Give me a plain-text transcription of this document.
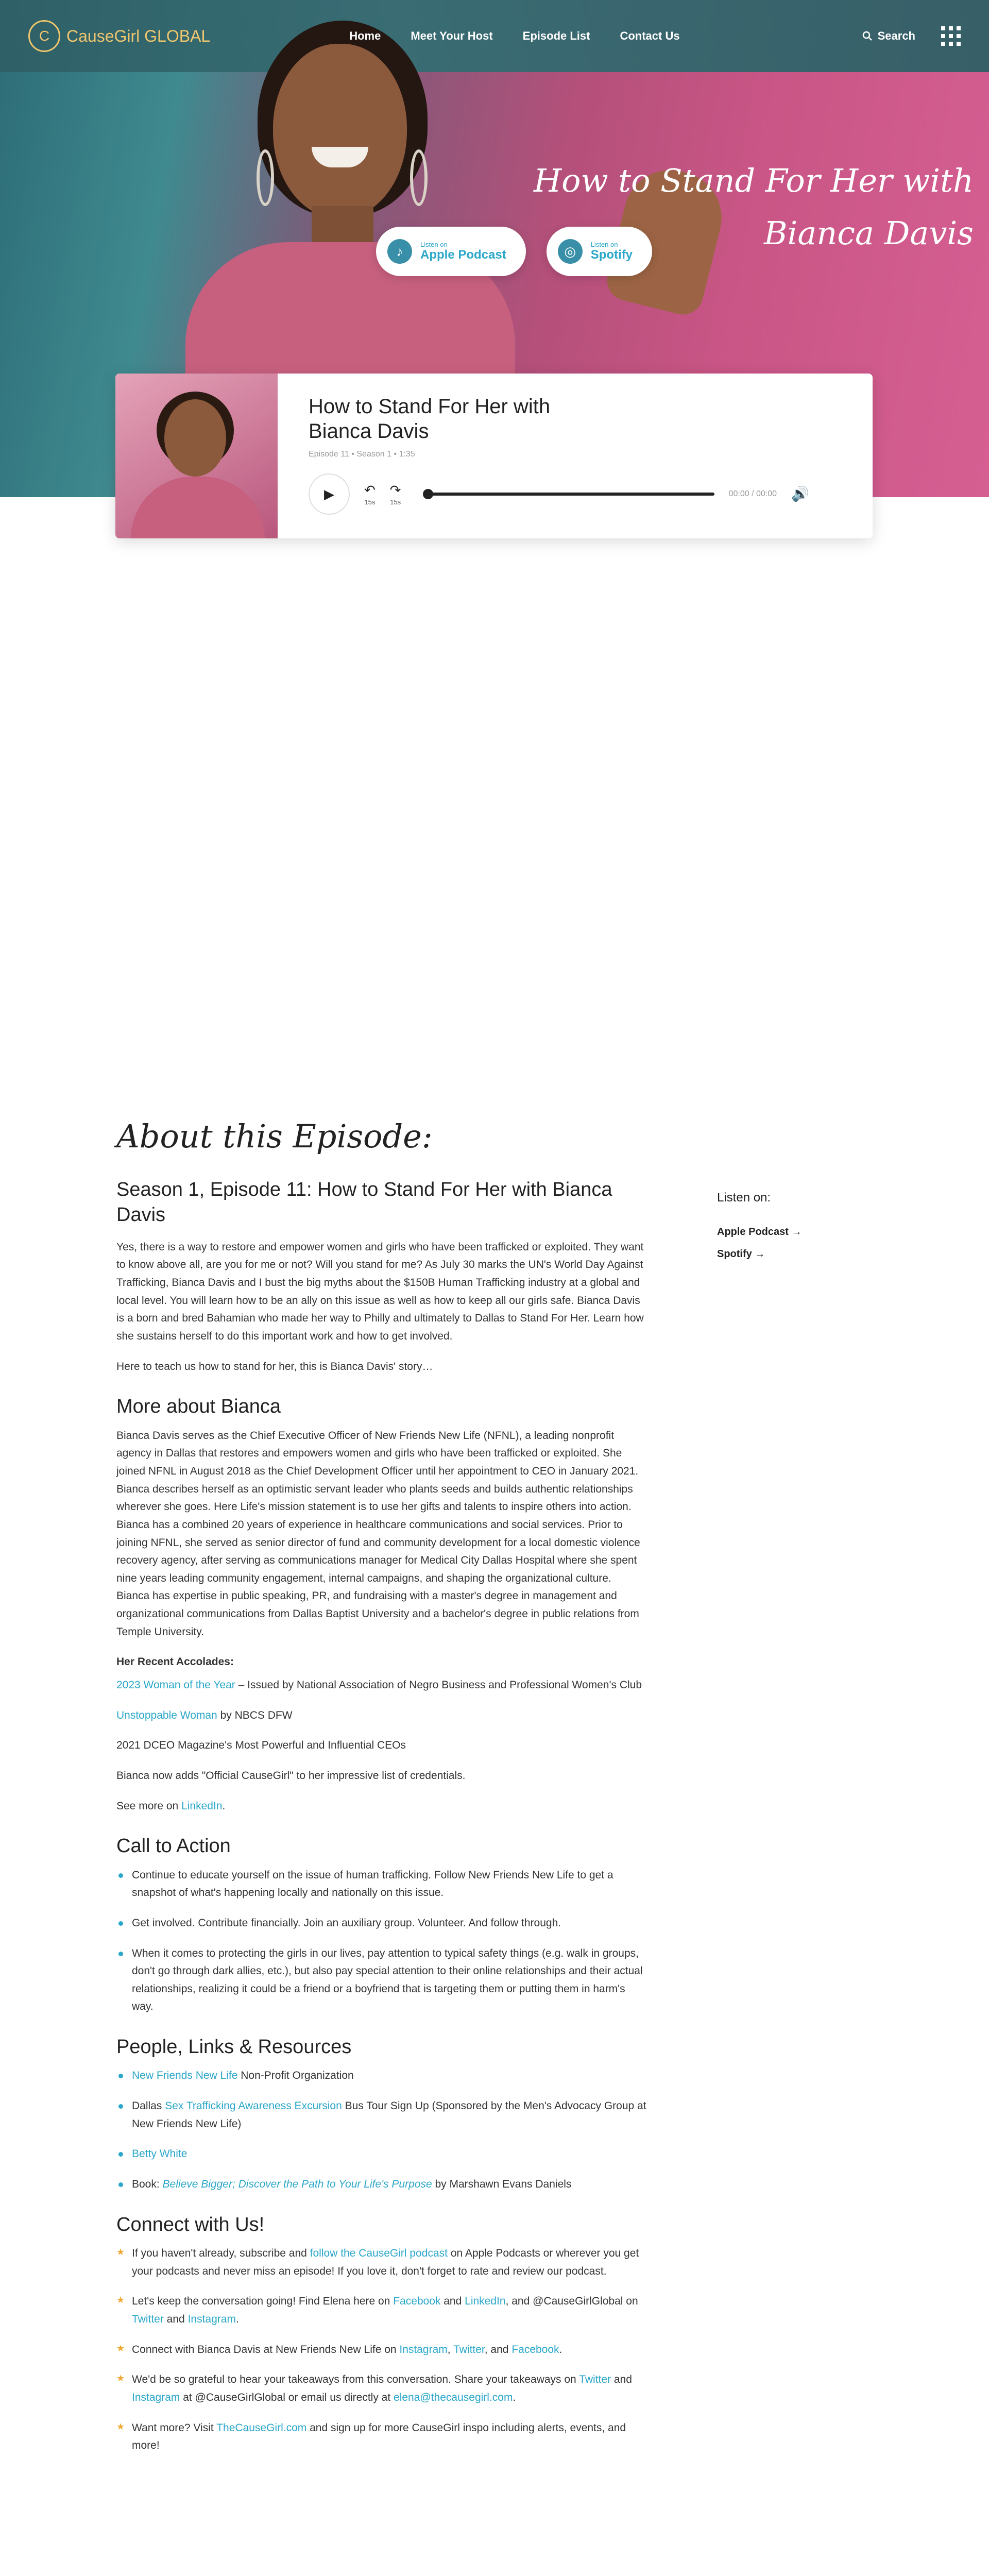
How to Stand For Her with Bianca Davis
C	CauseGirl GLOBAL	Home	Meet Your Host	Episode List	Contact Us	Search
♪	Listen on
Apple Podcast	◎	Listen on
Spotify
How to Stand For Her with Bianca Davis
Episode 11 • Season 1 • 1:35
▶ ↶
15s
↷
15s
00:00 / 00:00 🔊
About this Episode:
Season 1, Episode 11: How to Stand For Her with Bianca Davis

Yes, there is a way to restore and empower women and girls who have been trafficked or exploited. They want to know above all, are you for me or not? Will you stand for me? As July 30 marks the UN's World Day Against Trafficking, Bianca Davis and I bust the big myths about the $150B Human Trafficking industry at a global and local level. You will learn how to be an ally on this issue as well as how to keep all our girls safe. Bianca Davis is a born and bred Bahamian who made her way to Philly and ultimately to Dallas to Stand For Her. Learn how she sustains herself to do this important work and how to get involved.

Here to teach us how to stand for her, this is Bianca Davis' story…

More about Bianca

Bianca Davis serves as the Chief Executive Officer of New Friends New Life (NFNL), a leading nonprofit agency in Dallas that restores and empowers women and girls who have been trafficked or exploited. She joined NFNL in August 2018 as the Chief Development Officer until her appointment to CEO in January 2021. Bianca describes herself as an optimistic servant leader who plants seeds and builds authentic relationships wherever she goes. Here Life's mission statement is to use her gifts and talents to inspire others into action. Bianca has a combined 20 years of experience in healthcare communications and social services. Prior to joining NFNL, she served as senior director of fund and community development for a local domestic violence recovery agency, after serving as communications manager for Medical City Dallas Hospital where she spent nine years leading community engagement, internal campaigns, and shaping the organizational culture. Bianca has expertise in public speaking, PR, and fundraising with a master's degree in management and organizational communications from Dallas Baptist University and a bachelor's degree in public relations from Temple University.

Her Recent Accolades:

2023 Woman of the Year – Issued by National Association of Negro Business and Professional Women's Club

Unstoppable Woman by NBCS DFW

2021 DCEO Magazine's Most Powerful and Influential CEOs

Bianca now adds "Official CauseGirl" to her impressive list of credentials.

See more on LinkedIn.

Call to Action
Continue to educate yourself on the issue of human trafficking. Follow New Friends New Life to get a snapshot of what's happening locally and nationally on this issue.
Get involved. Contribute financially. Join an auxiliary group. Volunteer. And follow through.
When it comes to protecting the girls in our lives, pay attention to typical safety things (e.g. walk in groups, don't go through dark allies, etc.), but also pay special attention to their online relationships and their actual relationships, realizing it could be a friend or a boyfriend that is targeting them or putting them in harm's way.
People, Links & Resources
New Friends New Life Non-Profit Organization
Dallas Sex Trafficking Awareness Excursion Bus Tour Sign Up (Sponsored by the Men's Advocacy Group at New Friends New Life)
Betty White
Book: Believe Bigger; Discover the Path to Your Life's Purpose by Marshawn Evans Daniels
Connect with Us!
★ If you haven't already, subscribe and follow the CauseGirl podcast on Apple Podcasts or wherever you get your podcasts and never miss an episode! If you love it, don't forget to rate and review our podcast.
★ Let's keep the conversation going! Find Elena here on Facebook and LinkedIn, and @CauseGirlGlobal on Twitter and Instagram.
★ Connect with Bianca Davis at New Friends New Life on Instagram, Twitter, and Facebook.
★ We'd be so grateful to hear your takeaways from this conversation. Share your takeaways on Twitter and Instagram at @CauseGirlGlobal or email us directly at elena@thecausegirl.com.
★ Want more? Visit TheCauseGirl.com and sign up for more CauseGirl inspo including alerts, events, and more!
Listen on:
Apple Podcast →
Spotify →
